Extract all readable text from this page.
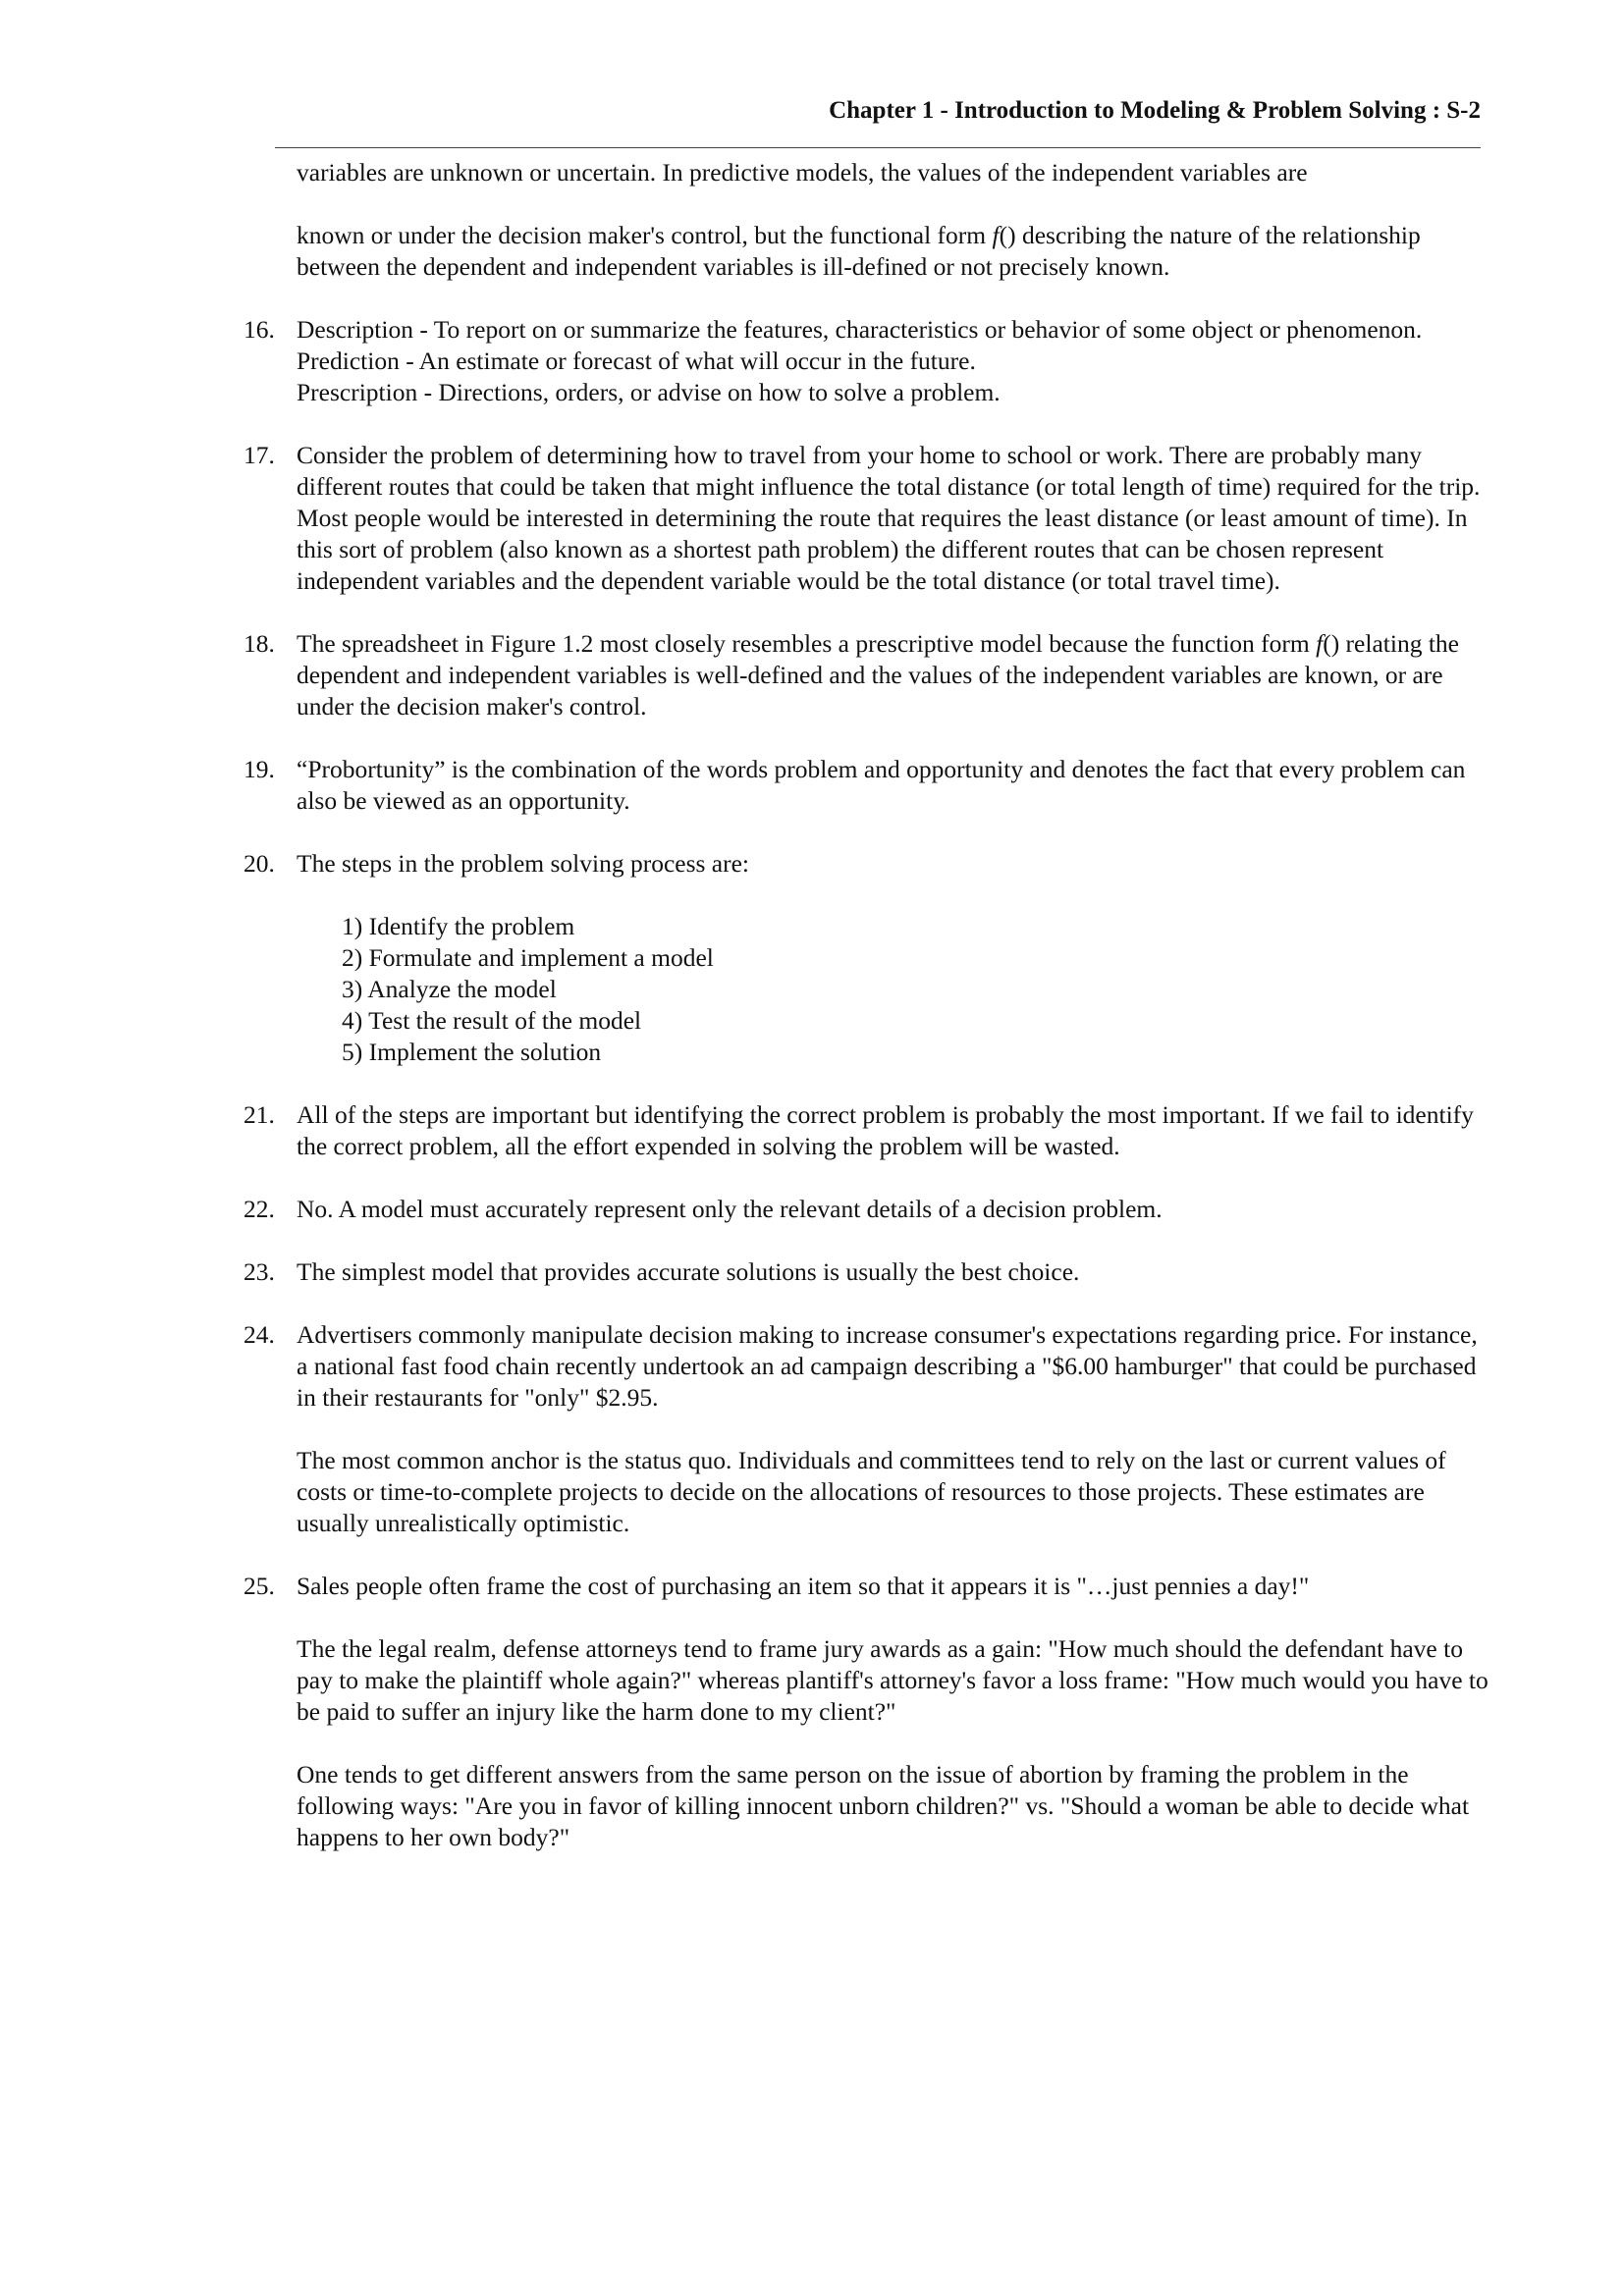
Chapter 1 - Introduction to Modeling & Problem Solving : S-2

variables are unknown or uncertain. In predictive models, the values of the independent variables are

known or under the decision maker's control, but the functional form f() describing the nature of the relationship between the dependent and independent variables is ill-defined or not precisely known.

16. Description - To report on or summarize the features, characteristics or behavior of some object or phenomenon.

Prediction - An estimate or forecast of what will occur in the future.

Prescription - Directions, orders, or advise on how to solve a problem.

17. Consider the problem of determining how to travel from your home to school or work. There are probably many different routes that could be taken that might influence the total distance (or total length of time) required for the trip. Most people would be interested in determining the route that requires the least distance (or least amount of time). In this sort of problem (also known as a shortest path problem) the different routes that can be chosen represent independent variables and the dependent variable would be the total distance (or total travel time).

18. The spreadsheet in Figure 1.2 most closely resembles a prescriptive model because the function form f() relating the dependent and independent variables is well-defined and the values of the independent variables are known, or are under the decision maker's control.

19. “Probortunity” is the combination of the words problem and opportunity and denotes the fact that every problem can also be viewed as an opportunity.

20. The steps in the problem solving process are:

1) Identify the problem

2) Formulate and implement a model

3) Analyze the model

4) Test the result of the model

5) Implement the solution

21. All of the steps are important but identifying the correct problem is probably the most important. If we fail to identify the correct problem, all the effort expended in solving the problem will be wasted.

22. No. A model must accurately represent only the relevant details of a decision problem.

23. The simplest model that provides accurate solutions is usually the best choice.

24. Advertisers commonly manipulate decision making to increase consumer's expectations regarding price. For instance, a national fast food chain recently undertook an ad campaign describing a "$6.00 hamburger" that could be purchased in their restaurants for "only" $2.95.

The most common anchor is the status quo. Individuals and committees tend to rely on the last or current values of costs or time-to-complete projects to decide on the allocations of resources to those projects. These estimates are usually unrealistically optimistic.

25. Sales people often frame the cost of purchasing an item so that it appears it is "…just pennies a day!"

The the legal realm, defense attorneys tend to frame jury awards as a gain: "How much should the defendant have to pay to make the plaintiff whole again?" whereas plantiff's attorney's favor a loss frame: "How much would you have to be paid to suffer an injury like the harm done to my client?"

One tends to get different answers from the same person on the issue of abortion by framing the problem in the following ways: "Are you in favor of killing innocent unborn children?" vs. "Should a woman be able to decide what happens to her own body?"
